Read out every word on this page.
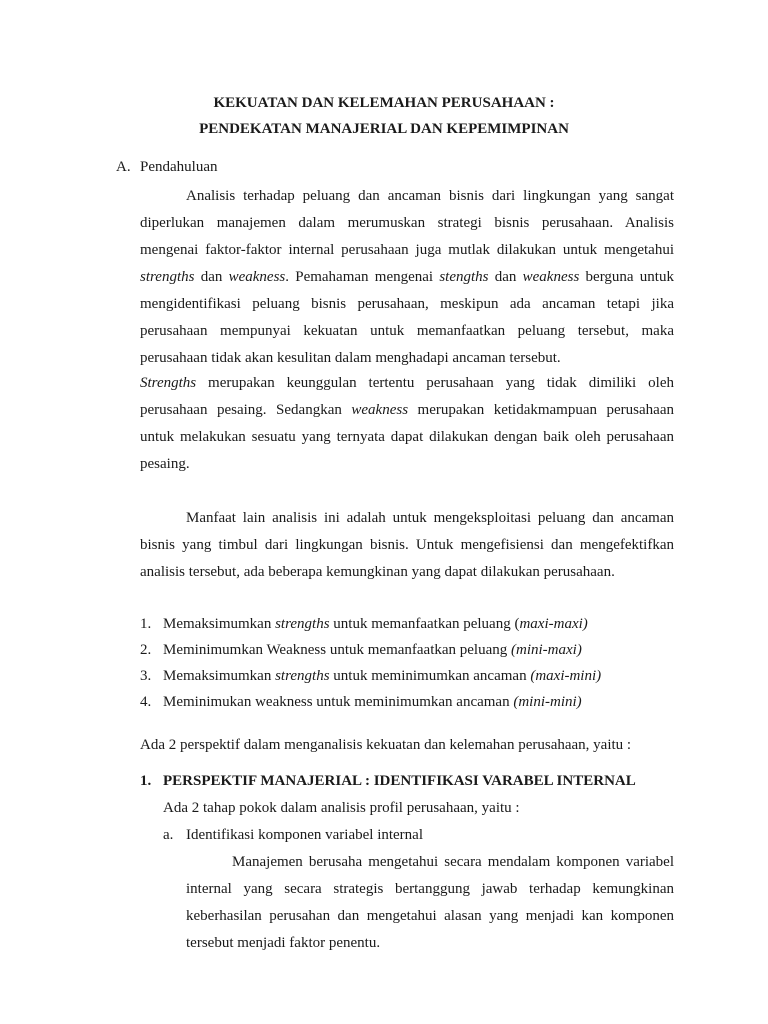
KEKUATAN DAN KELEMAHAN PERUSAHAAN :
PENDEKATAN MANAJERIAL DAN KEPEMIMPINAN
A. Pendahuluan
Analisis terhadap peluang dan ancaman bisnis dari lingkungan yang sangat
diperlukan manajemen dalam merumuskan strategi bisnis perusahaan. Analisis
mengenai faktor-faktor internal perusahaan juga mutlak dilakukan untuk mengetahui
strengths dan weakness. Pemahaman mengenai stengths dan weakness berguna untuk
mengidentifikasi peluang bisnis perusahaan, meskipun ada ancaman tetapi jika
perusahaan mempunyai kekuatan untuk memanfaatkan peluang tersebut, maka
perusahaan tidak akan kesulitan dalam menghadapi ancaman tersebut.
Strengths merupakan keunggulan tertentu perusahaan yang tidak dimiliki oleh
perusahaan pesaing. Sedangkan weakness merupakan ketidakmampuan perusahaan
untuk melakukan sesuatu yang ternyata dapat dilakukan dengan baik oleh perusahaan
pesaing.
Manfaat lain analisis ini adalah untuk mengeksploitasi peluang dan ancaman
bisnis yang timbul dari lingkungan bisnis. Untuk mengefisiensi dan mengefektifkan
analisis tersebut, ada beberapa kemungkinan yang dapat dilakukan perusahaan.
1. Memaksimumkan strengths untuk memanfaatkan peluang (maxi-maxi)
2. Meminimumkan Weakness untuk memanfaatkan peluang (mini-maxi)
3. Memaksimumkan strengths untuk meminimumkan ancaman (maxi-mini)
4. Meminimukan weakness untuk meminimumkan ancaman (mini-mini)
Ada 2 perspektif dalam menganalisis kekuatan dan kelemahan perusahaan, yaitu :
1. PERSPEKTIF MANAJERIAL : IDENTIFIKASI VARABEL INTERNAL
Ada 2 tahap pokok dalam analisis profil perusahaan, yaitu :
a. Identifikasi komponen variabel internal
Manajemen berusaha mengetahui secara mendalam komponen variabel
internal yang secara strategis bertanggung jawab terhadap kemungkinan
keberhasilan perusahan dan mengetahui alasan yang menjadi kan komponen
tersebut menjadi faktor penentu.
